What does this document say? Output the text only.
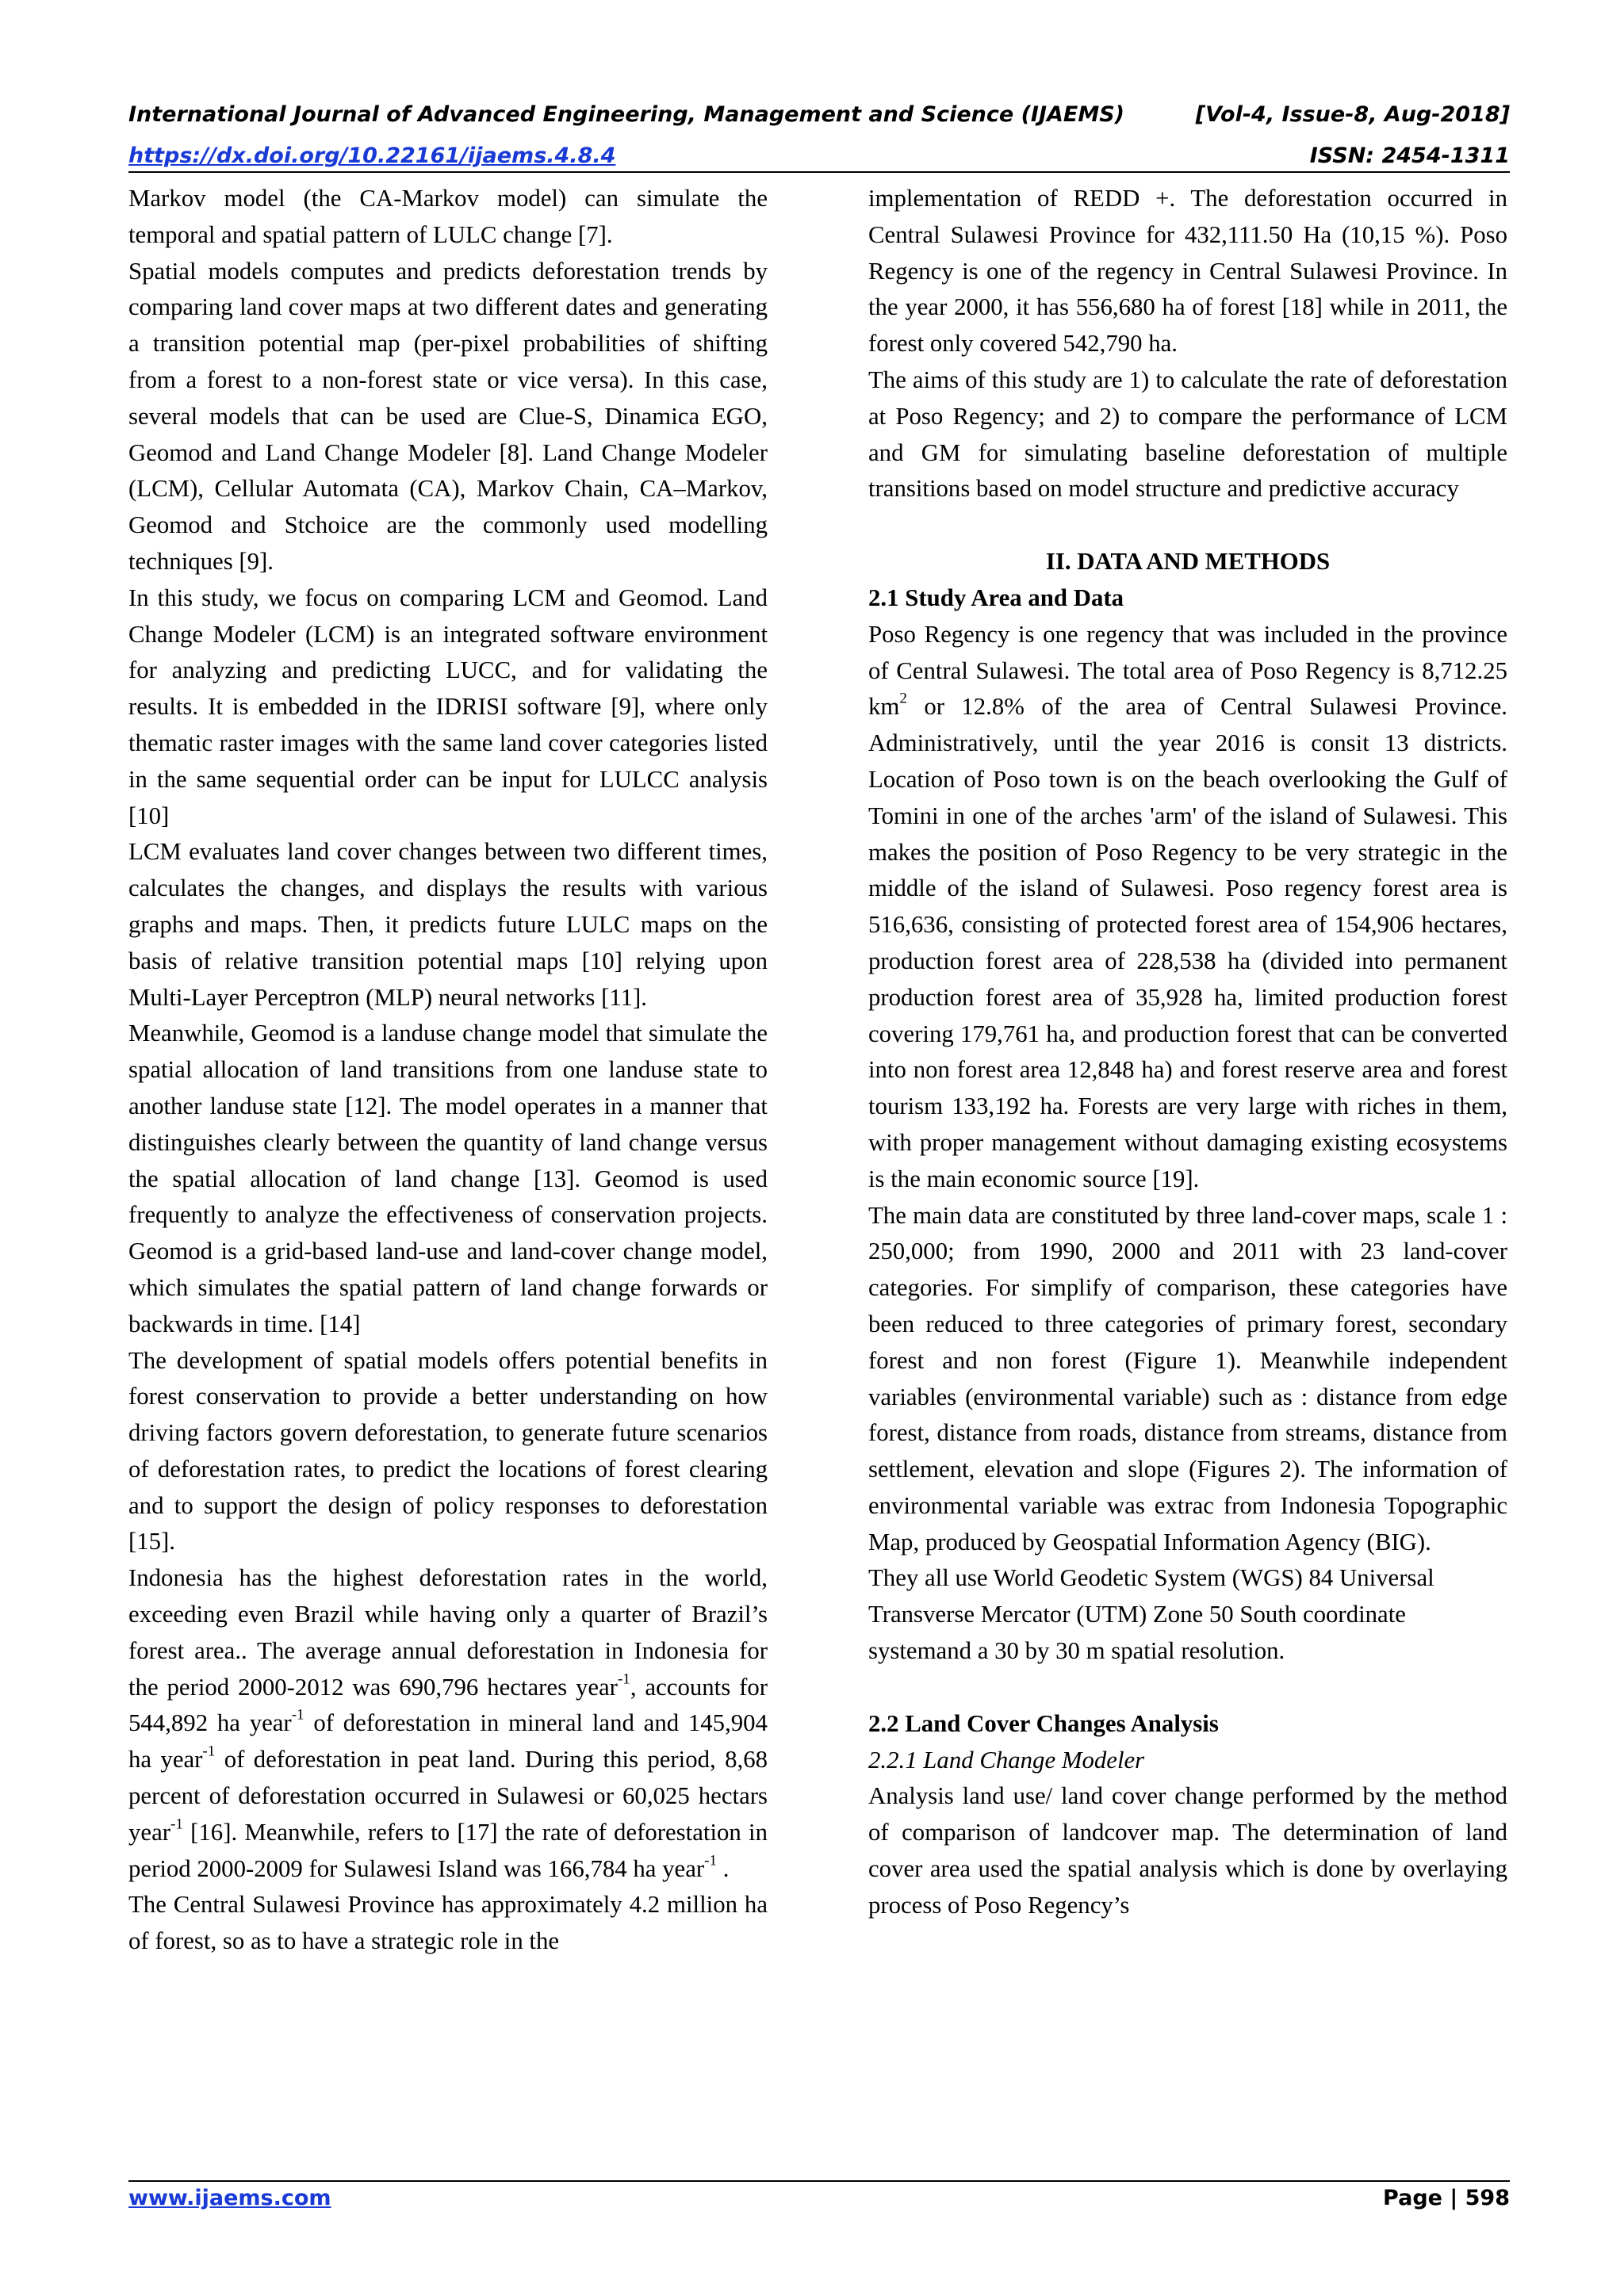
International Journal of Advanced Engineering, Management and Science (IJAEMS)	[Vol-4, Issue-8, Aug-2018]
https://dx.doi.org/10.22161/ijaems.4.8.4	ISSN: 2454-1311

Markov model (the CA-Markov model) can simulate the temporal and spatial pattern of LULC change [7].

Spatial models computes and predicts deforestation trends by comparing land cover maps at two different dates and generating a transition potential map (per-pixel probabilities of shifting from a forest to a non-forest state or vice versa). In this case, several models that can be used are Clue-S, Dinamica EGO, Geomod and Land Change Modeler [8]. Land Change Modeler (LCM), Cellular Automata (CA), Markov Chain, CA–Markov, Geomod and Stchoice are the commonly used modelling techniques [9].

In this study, we focus on comparing LCM and Geomod. Land Change Modeler (LCM) is an integrated software environment for analyzing and predicting LUCC, and for validating the results. It is embedded in the IDRISI software [9], where only thematic raster images with the same land cover categories listed in the same sequential order can be input for LULCC analysis [10]

LCM evaluates land cover changes between two different times, calculates the changes, and displays the results with various graphs and maps. Then, it predicts future LULC maps on the basis of relative transition potential maps [10] relying upon Multi-Layer Perceptron (MLP) neural networks [11].

Meanwhile, Geomod is a landuse change model that simulate the spatial allocation of land transitions from one landuse state to another landuse state [12]. The model operates in a manner that distinguishes clearly between the quantity of land change versus the spatial allocation of land change [13]. Geomod is used frequently to analyze the effectiveness of conservation projects. Geomod is a grid-based land-use and land-cover change model, which simulates the spatial pattern of land change forwards or backwards in time. [14]

The development of spatial models offers potential benefits in forest conservation to provide a better understanding on how driving factors govern deforestation, to generate future scenarios of deforestation rates, to predict the locations of forest clearing and to support the design of policy responses to deforestation [15].

Indonesia has the highest deforestation rates in the world, exceeding even Brazil while having only a quarter of Brazil’s forest area.. The average annual deforestation in Indonesia for the period 2000-2012 was 690,796 hectares year$^{-1}$, accounts for 544,892 ha year$^{-1}$ of deforestation in mineral land and 145,904 ha year$^{-1}$ of deforestation in peat land. During this period, 8,68 percent of deforestation occurred in Sulawesi or 60,025 hectars year$^{-1}$ [16]. Meanwhile, refers to [17] the rate of deforestation in period 2000-2009 for Sulawesi Island was 166,784 ha year$^{-1}$ .

The Central Sulawesi Province has approximately 4.2 million ha of forest, so as to have a strategic role in the

implementation of REDD +. The deforestation occurred in Central Sulawesi Province for 432,111.50 Ha (10,15 %). Poso Regency is one of the regency in Central Sulawesi Province. In the year 2000, it has 556,680 ha of forest [18] while in 2011, the forest only covered 542,790 ha.

The aims of this study are 1) to calculate the rate of deforestation at Poso Regency; and 2) to compare the performance of LCM and GM for simulating baseline deforestation of multiple transitions based on model structure and predictive accuracy

II. DATA AND METHODS

2.1 Study Area and Data

Poso Regency is one regency that was included in the province of Central Sulawesi. The total area of Poso Regency is 8,712.25 $km^2$ or 12.8% of the area of Central Sulawesi Province. Administratively, until the year 2016 is consit 13 districts. Location of Poso town is on the beach overlooking the Gulf of Tomini in one of the arches 'arm' of the island of Sulawesi. This makes the position of Poso Regency to be very strategic in the middle of the island of Sulawesi. Poso regency forest area is 516,636, consisting of protected forest area of 154,906 hectares, production forest area of 228,538 ha (divided into permanent production forest area of 35,928 ha, limited production forest covering 179,761 ha, and production forest that can be converted into non forest area 12,848 ha) and forest reserve area and forest tourism 133,192 ha. Forests are very large with riches in them, with proper management without damaging existing ecosystems is the main economic source [19].

The main data are constituted by three land-cover maps, scale 1 : 250,000; from 1990, 2000 and 2011 with 23 land-cover categories. For simplify of comparison, these categories have been reduced to three categories of primary forest, secondary forest and non forest (Figure 1). Meanwhile independent variables (environmental variable) such as : distance from edge forest, distance from roads, distance from streams, distance from settlement, elevation and slope (Figures 2). The information of environmental variable was extrac from Indonesia Topographic Map, produced by Geospatial Information Agency (BIG).

They all use World Geodetic System (WGS) 84 Universal Transverse Mercator (UTM) Zone 50 South coordinate systemand a 30 by 30 m spatial resolution.

2.2 Land Cover Changes Analysis

2.2.1 Land Change Modeler

Analysis land use/ land cover change performed by the method of comparison of landcover map. The determination of land cover area used the spatial analysis which is done by overlaying process of Poso Regency’s

www.ijaems.com	Page | 598
